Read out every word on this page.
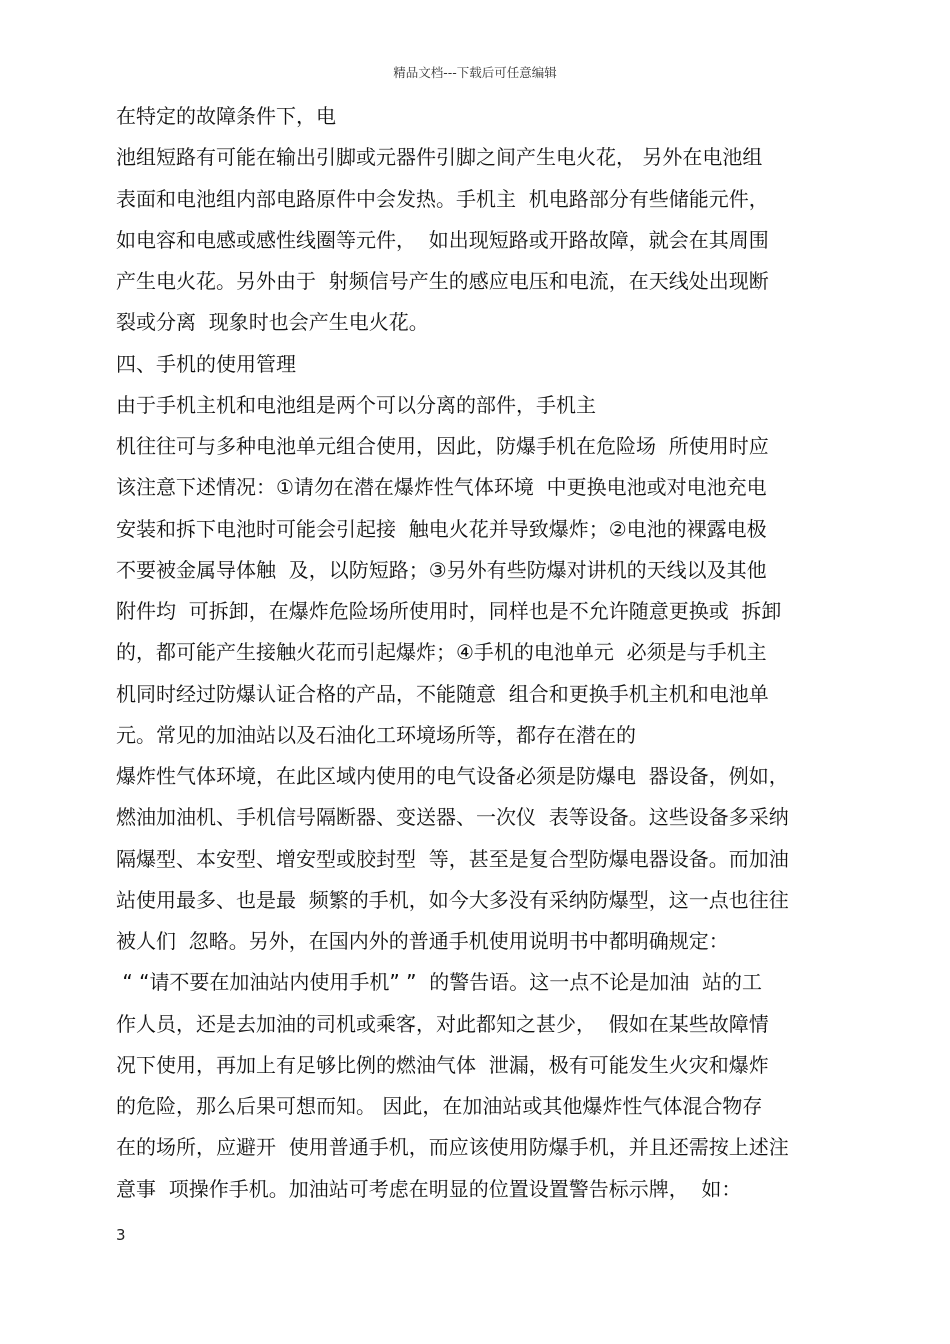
精品文档---下载后可任意编辑
在特定的故障条件下，电
池组短路有可能在输出引脚或元器件引脚之间产生电火花， 另外在电池组
表面和电池组内部电路原件中会发热。手机主  机电路部分有些储能元件，
如电容和电感或感性线圈等元件，  如出现短路或开路故障，就会在其周围
产生电火花。另外由于  射频信号产生的感应电压和电流，在天线处出现断
裂或分离  现象时也会产生电火花。
四、手机的使用管理
由于手机主机和电池组是两个可以分离的部件，手机主
机往往可与多种电池单元组合使用，因此，防爆手机在危险场  所使用时应
该注意下述情况：①请勿在潜在爆炸性气体环境  中更换电池或对电池充电
安装和拆下电池时可能会引起接  触电火花并导致爆炸；②电池的裸露电极
不要被金属导体触  及，以防短路；③另外有些防爆对讲机的天线以及其他
附件均  可拆卸，在爆炸危险场所使用时，同样也是不允许随意更换或  拆卸
的，都可能产生接触火花而引起爆炸；④手机的电池单元  必须是与手机主
机同时经过防爆认证合格的产品，不能随意  组合和更换手机主机和电池单
元。常见的加油站以及石油化工环境场所等，都存在潜在的
爆炸性气体环境，在此区域内使用的电气设备必须是防爆电  器设备，例如，
燃油加油机、手机信号隔断器、变送器、一次仪  表等设备。这些设备多采纳
隔爆型、本安型、增安型或胶封型  等，甚至是复合型防爆电器设备。而加油
站使用最多、也是最  频繁的手机，如今大多没有采纳防爆型，这一点也往往
被人们  忽略。另外，在国内外的普通手机使用说明书中都明确规定：
“ “请不要在加油站内使用手机” ”  的警告语。这一点不论是加油  站的工
作人员，还是去加油的司机或乘客，对此都知之甚少，  假如在某些故障情
况下使用，再加上有足够比例的燃油气体  泄漏，极有可能发生火灾和爆炸
的危险，那么后果可想而知。 因此，在加油站或其他爆炸性气体混合物存
在的场所，应避开  使用普通手机，而应该使用防爆手机，并且还需按上述注
意事  项操作手机。加油站可考虑在明显的位置设置警告标示牌，  如：
3
